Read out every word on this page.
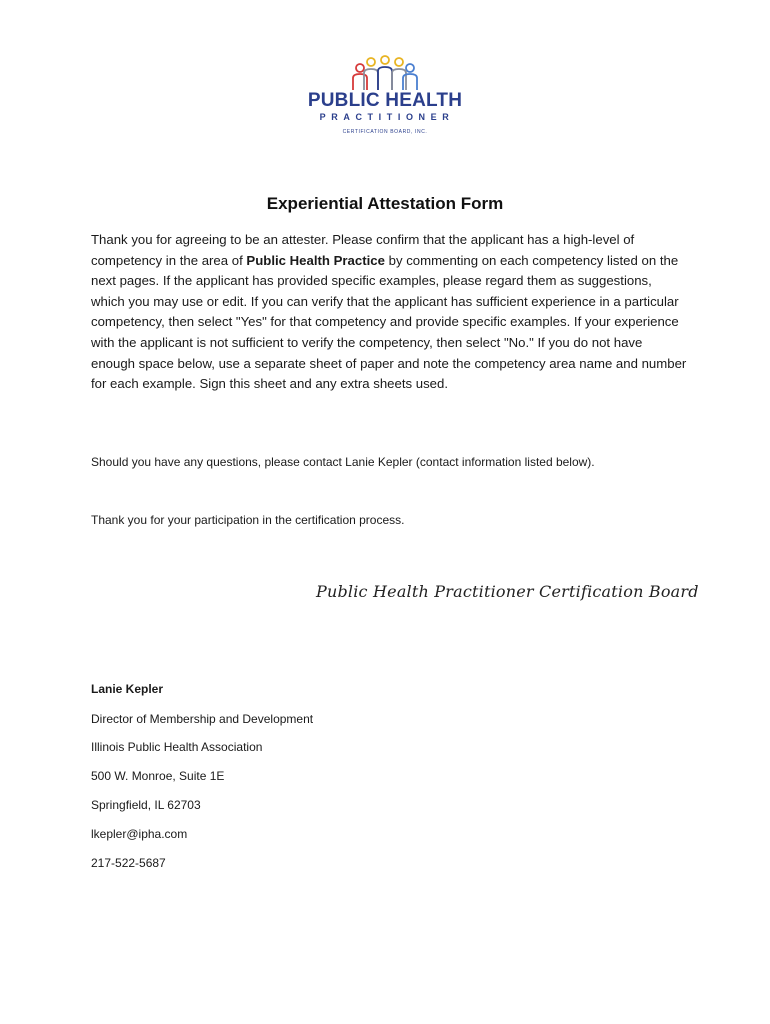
PUBLIC HEALTH
PRACTITIONER
CERTIFICATION BOARD, INC.
Experiential Attestation Form

Thank you for agreeing to be an attester. Please confirm that the applicant has a high-level of competency in the area of Public Health Practice by commenting on each competency listed on the next pages. If the applicant has provided specific examples, please regard them as suggestions, which you may use or edit. If you can verify that the applicant has sufficient experience in a particular competency, then select "Yes" for that competency and provide specific examples. If your experience with the applicant is not sufficient to verify the competency, then select "No." If you do not have enough space below, use a separate sheet of paper and note the competency area name and number for each example. Sign this sheet and any extra sheets used.

Should you have any questions, please contact Lanie Kepler (contact information listed below).

Thank you for your participation in the certification process.

Public Health Practitioner Certification Board

Lanie Kepler

Director of Membership and Development

Illinois Public Health Association

500 W. Monroe, Suite 1E

Springfield, IL 62703

lkepler@ipha.com

217-522-5687
